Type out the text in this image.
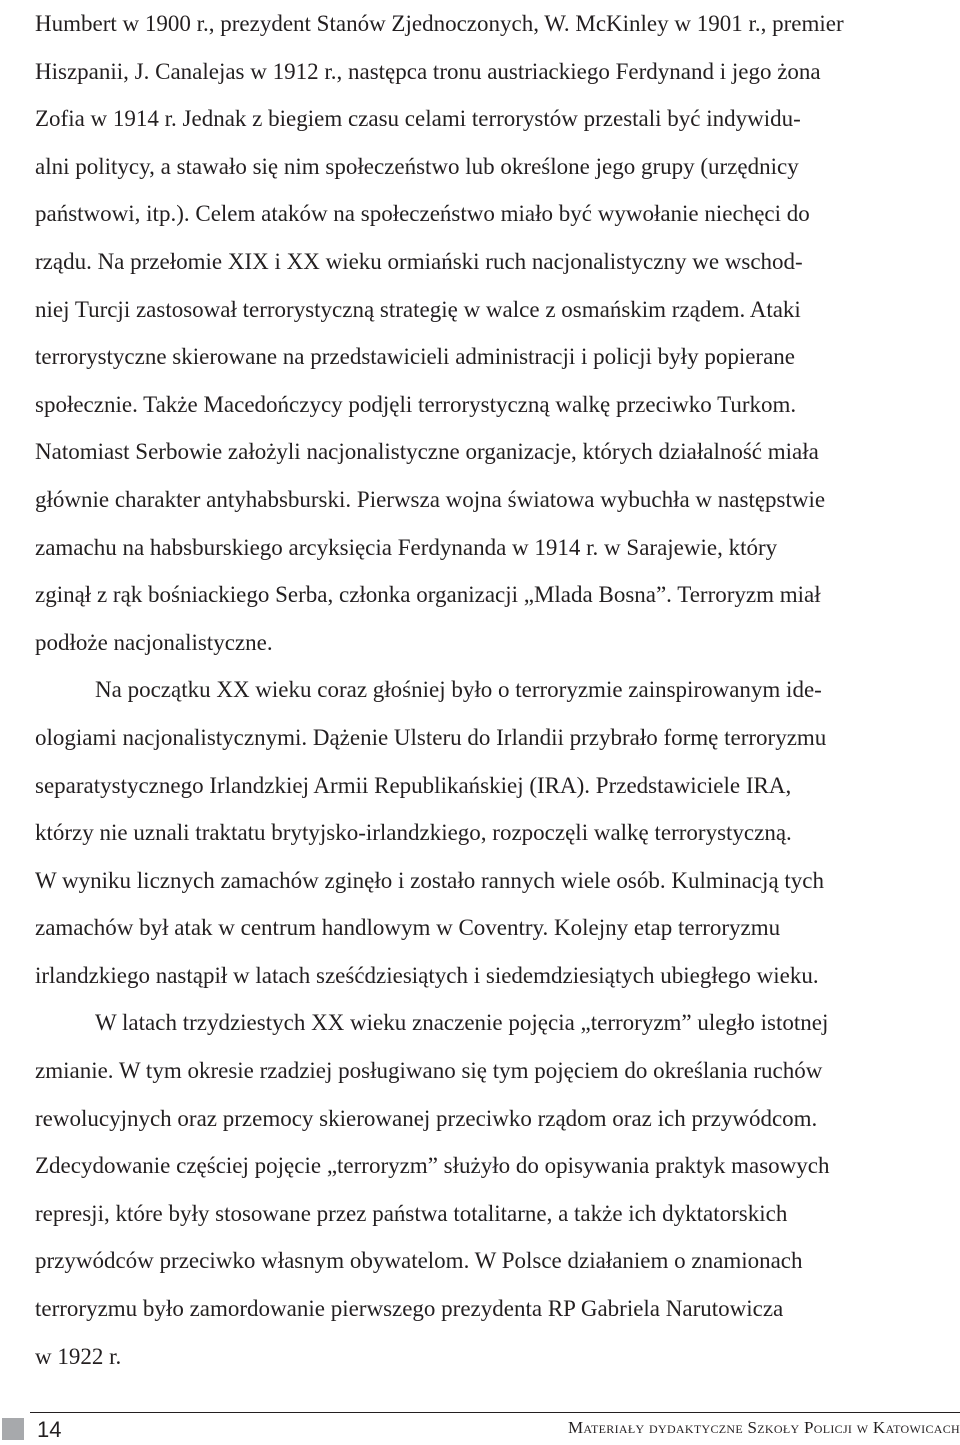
Humbert w 1900 r., prezydent Stanów Zjednoczonych, W. McKinley w 1901 r., premier
Hiszpanii, J. Canalejas w 1912 r., następca tronu austriackiego Ferdynand i jego żona
Zofia w 1914 r. Jednak z biegiem czasu celami terrorystów przestali być indywidu-
alni politycy, a stawało się nim społeczeństwo lub określone jego grupy (urzędnicy
państwowi, itp.). Celem ataków na społeczeństwo miało być wywołanie niechęci do
rządu. Na przełomie XIX i XX wieku ormiański ruch nacjonalistyczny we wschod-
niej Turcji zastosował terrorystyczną strategię w walce z osmańskim rządem. Ataki
terrorystyczne skierowane na przedstawicieli administracji i policji były popierane
społecznie. Także Macedończycy podjęli terrorystyczną walkę przeciwko Turkom.
Natomiast Serbowie założyli nacjonalistyczne organizacje, których działalność miała
głównie charakter antyhabsburski. Pierwsza wojna światowa wybuchła w następstwie
zamachu na habsburskiego arcyksięcia Ferdynanda w 1914 r. w Sarajewie, który
zginął z rąk bośniackiego Serba, członka organizacji „Mlada Bosna”. Terroryzm miał
podłoże nacjonalistyczne.
Na początku XX wieku coraz głośniej było o terroryzmie zainspirowanym ide-
ologiami nacjonalistycznymi. Dążenie Ulsteru do Irlandii przybrało formę terroryzmu
separatystycznego Irlandzkiej Armii Republikańskiej (IRA). Przedstawiciele IRA,
którzy nie uznali traktatu brytyjsko-irlandzkiego, rozpoczęli walkę terrorystyczną.
W wyniku licznych zamachów zginęło i zostało rannych wiele osób. Kulminacją tych
zamachów był atak w centrum handlowym w Coventry. Kolejny etap terroryzmu
irlandzkiego nastąpił w latach sześćdziesiątych i siedemdziesiątych ubiegłego wieku.
W latach trzydziestych XX wieku znaczenie pojęcia „terroryzm” uległo istotnej
zmianie. W tym okresie rzadziej posługiwano się tym pojęciem do określania ruchów
rewolucyjnych oraz przemocy skierowanej przeciwko rządom oraz ich przywódcom.
Zdecydowanie częściej pojęcie „terroryzm” służyło do opisywania praktyk masowych
represji, które były stosowane przez państwa totalitarne, a także ich dyktatorskich
przywódców przeciwko własnym obywatelom. W Polsce działaniem o znamionach
terroryzmu było zamordowanie pierwszego prezydenta RP Gabriela Narutowicza
w 1922 r.
14	Materiały dydaktyczne Szkoły Policji w Katowicach
